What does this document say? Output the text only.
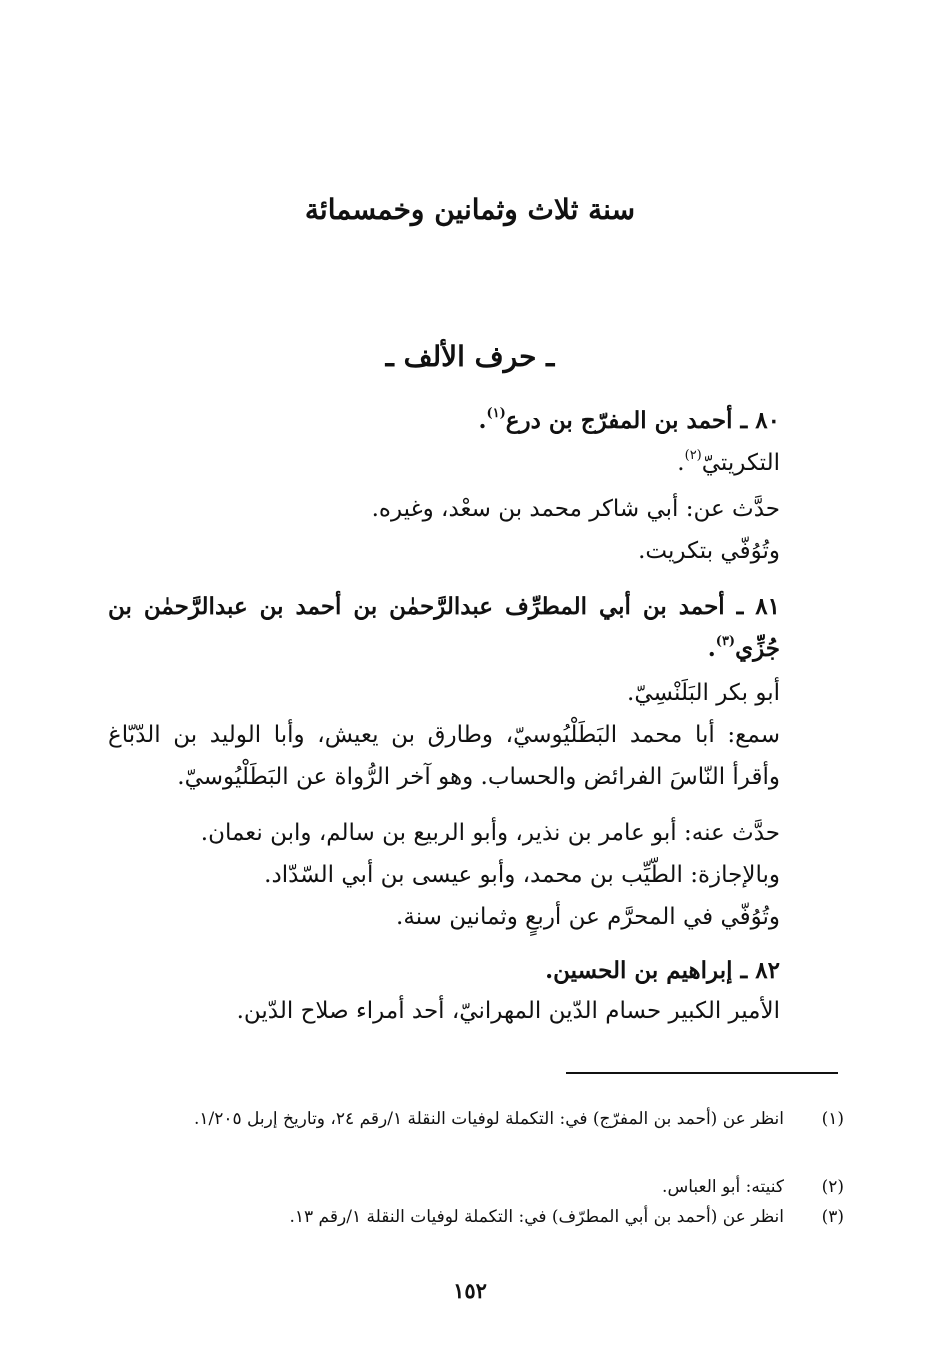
سنة ثلاث وثمانين وخمسمائة
ـ حرف الألف ـ
٨٠ ـ أحمد بن المفرّج بن درع$^{(١)}$.
التكريتيّ$^{(٢)}$.
حدَّث عن: أبي شاكر محمد بن سعْد، وغيره.
وتُوُفّي بتكريت.
٨١ ـ أحمد بن أبي المطرِّف عبدالرَّحمٰن بن أحمد بن عبدالرَّحمٰن بن
جُزِّي$^{(٣)}$.
أبو بكر البَلَنْسِيّ.
سمع: أبا محمد البَطَلْيُوسيّ، وطارق بن يعيش، وأبا الوليد بن الدّبّاغ
وأقرأ النّاسَ الفرائض والحساب. وهو آخر الرُّواة عن البَطَلْيُوسيّ.
حدَّث عنه: أبو عامر بن نذير، وأبو الربيع بن سالم، وابن نعمان.
وبالإجازة: الطّيِّب بن محمد، وأبو عيسى بن أبي السّدّاد.
وتُوُفّي في المحرَّم عن أربعٍ وثمانين سنة.
٨٢ ـ إبراهيم بن الحسين.
الأمير الكبير حسام الدّين المهرانيّ، أحد أمراء صلاح الدّين.
(١)
انظر عن (أحمد بن المفرّج) في: التكملة لوفيات النقلة ١/رقم ٢٤، وتاريخ إربل ١/٢٠٥.
(٢)
كنيته: أبو العباس.
(٣)
انظر عن (أحمد بن أبي المطرّف) في: التكملة لوفيات النقلة ١/رقم ١٣.
١٥٢
